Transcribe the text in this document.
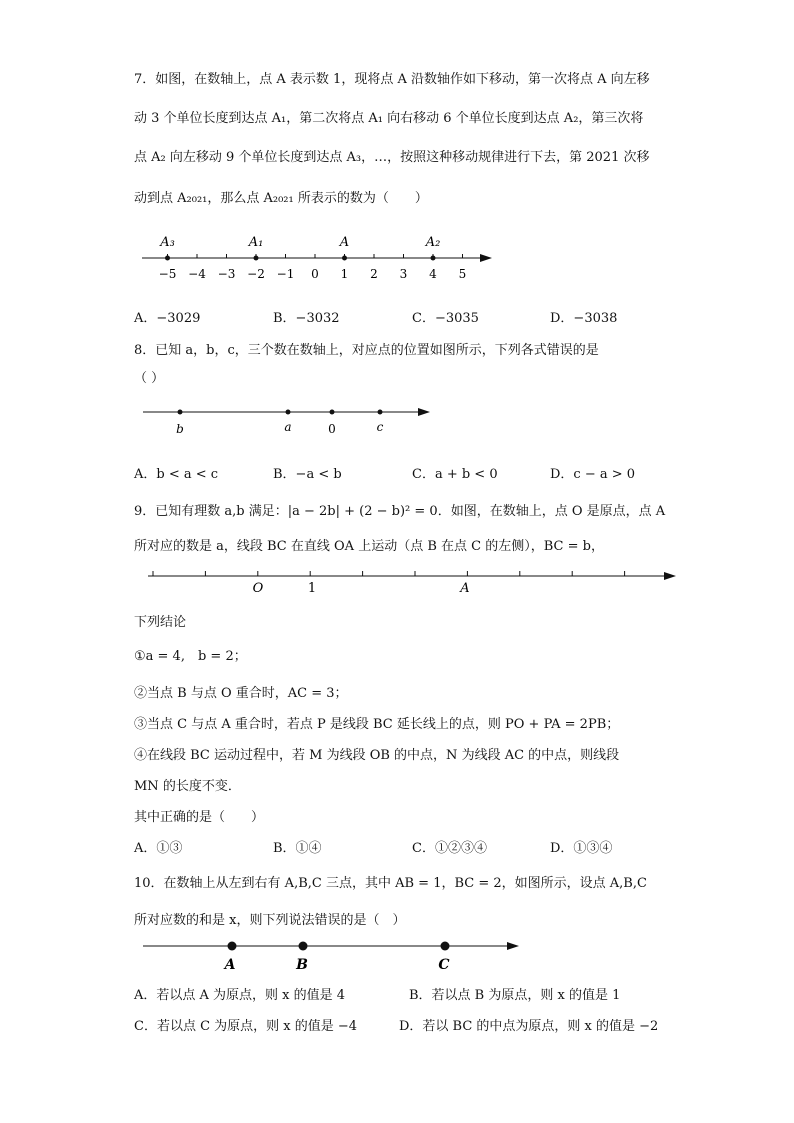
7．如图，在数轴上，点 A 表示数 1，现将点 A 沿数轴作如下移动，第一次将点 A 向左移
动 3 个单位长度到达点 A₁，第二次将点 A₁ 向右移动 6 个单位长度到达点 A₂，第三次将
点 A₂ 向左移动 9 个单位长度到达点 A₃，…，按照这种移动规律进行下去，第 2021 次移
动到点 A₂₀₂₁，那么点 A₂₀₂₁ 所表示的数为（　　）
−5 −4 −3 −2 −1 0 1 2 3 4 5
A₃	A₁	A	A₂
A．−3029	B．−3032	C．−3035	D．−3038
8．已知 a，b，c，三个数在数轴上，对应点的位置如图所示，下列各式错误的是
（ ）
b	a	0	c
A．b < a < c	B．−a < b	C．a + b < 0	D．c − a > 0
9．已知有理数 a,b 满足：|a − 2b| + (2 − b)² = 0．如图，在数轴上，点 O 是原点，点 A
所对应的数是 a，线段 BC 在直线 OA 上运动（点 B 在点 C 的左侧），BC = b，
O	1	A
下列结论
①a = 4,　b = 2；
②当点 B 与点 O 重合时，AC = 3；
③当点 C 与点 A 重合时，若点 P 是线段 BC 延长线上的点，则 PO + PA = 2PB；
④在线段 BC 运动过程中，若 M 为线段 OB 的中点，N 为线段 AC 的中点，则线段
MN 的长度不变．
其中正确的是（　　）
A．①③	B．①④	C．①②③④	D．①③④
10．在数轴上从左到右有 A,B,C 三点，其中 AB = 1，BC = 2，如图所示，设点 A,B,C
所对应数的和是 x，则下列说法错误的是（　）
A	B	C
A．若以点 A 为原点，则 x 的值是 4	B．若以点 B 为原点，则 x 的值是 1
C．若以点 C 为原点，则 x 的值是 −4	D．若以 BC 的中点为原点，则 x 的值是 −2
